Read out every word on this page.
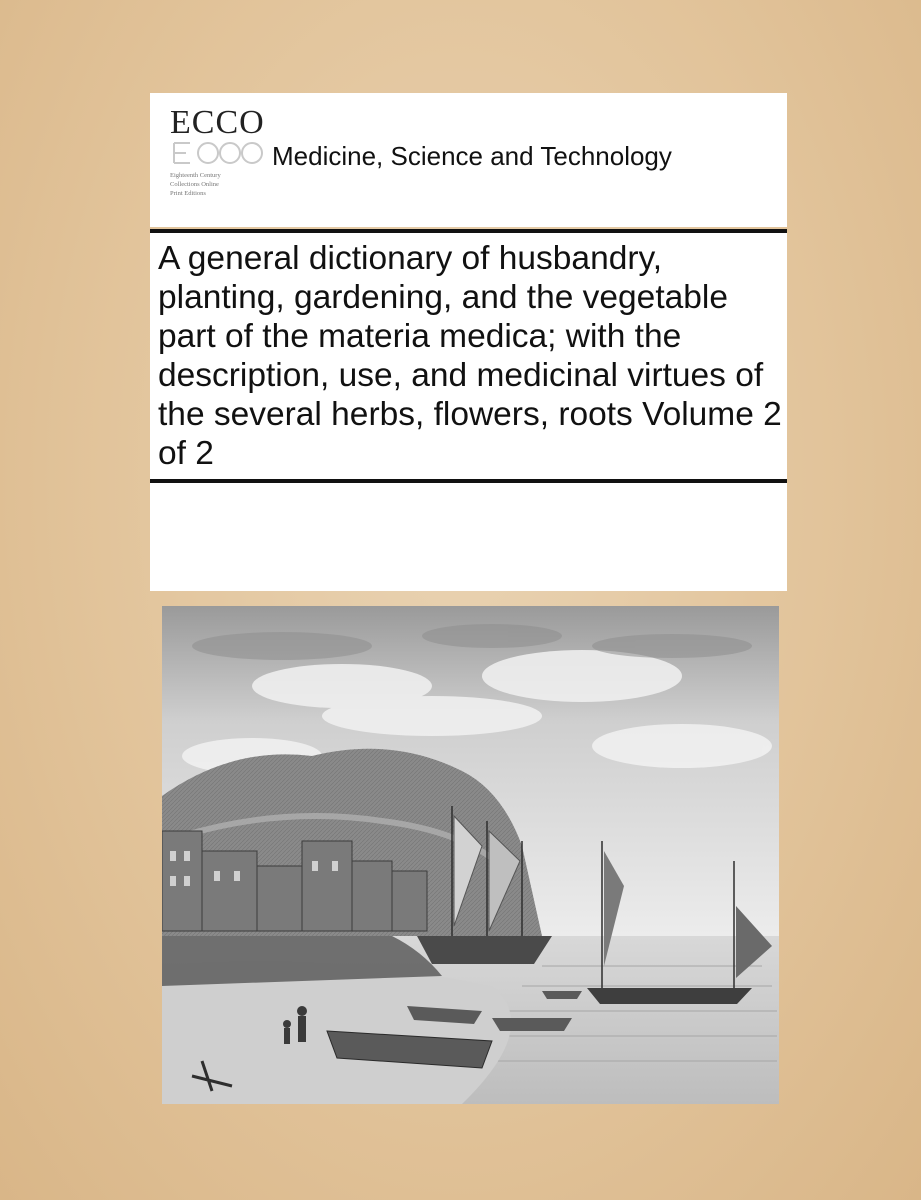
ECCO
Eighteenth Century
Collections Online
Print Editions
Medicine, Science and Technology
A general dictionary of husbandry, planting, gardening, and the vegetable part of the materia medica; with the description, use, and medicinal virtues of the several herbs, flowers, roots Volume 2 of 2
